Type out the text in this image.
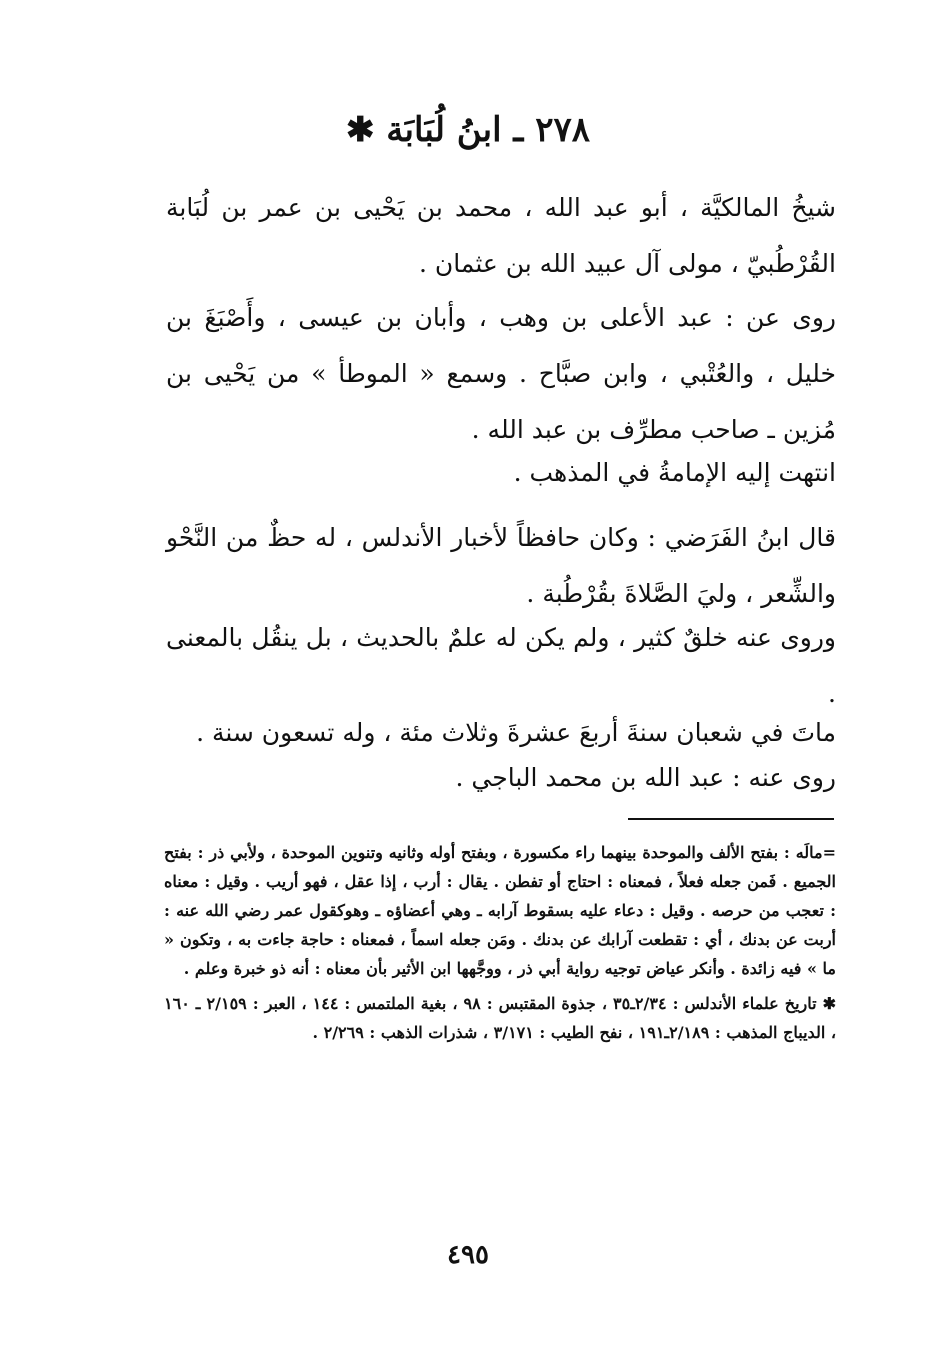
٢٧٨ ـ ابنُ لُبَابَة ✱

شيخُ المالكيَّة ، أبو عبد الله ، محمد بن يَحْيى بن عمر بن لُبَابة القُرْطُبيّ ، مولى آل عبيد الله بن عثمان .

روى عن : عبد الأعلى بن وهب ، وأبان بن عيسى ، وأَصْبَغَ بن خليل ، والعُتْبي ، وابن صبَّاح . وسمع « الموطأ » من يَحْيى بن مُزين ـ صاحب مطرِّف بن عبد الله .

انتهت إليه الإمامةُ في المذهب .

قال ابنُ الفَرَضي : وكان حافظاً لأخبار الأندلس ، له حظٌ من النَّحْو والشِّعر ، وليَ الصَّلاةَ بقُرْطُبة .

وروى عنه خلقٌ كثير ، ولم يكن له علمٌ بالحديث ، بل ينقُل بالمعنى .

ماتَ في شعبان سنةَ أربعَ عشرةَ وثلاث مئة ، وله تسعون سنة .

روى عنه : عبد الله بن محمد الباجي .

=مالَه : بفتح الألف والموحدة بينهما راء مكسورة ، وبفتح أوله وثانيه وتنوين الموحدة ، ولأبي ذر : بفتح الجميع . فَمن جعله فعلاً ، فمعناه : احتاج أو تفطن . يقال : أرب ، إذا عقل ، فهو أريب . وقيل : معناه : تعجب من حرصه . وقيل : دعاء عليه بسقوط آرابه ـ وهي أعضاؤه ـ وهوكقول عمر رضي الله عنه : أربت عن بدنك ، أي : تقطعت آرابك عن بدنك . ومَن جعله اسماً ، فمعناه : حاجة جاءت به ، وتكون « ما » فيه زائدة . وأنكر عياض توجيه رواية أبي ذر ، ووجَّهها ابن الأثير بأن معناه : أنه ذو خبرة وعلم .

✱ تاريخ علماء الأندلس : ٢/٣٤ـ٣٥ ، جذوة المقتبس : ٩٨ ، بغية الملتمس : ١٤٤ ، العبر : ٢/١٥٩ ـ ١٦٠ ، الديباج المذهب : ٢/١٨٩ـ١٩١ ، نفح الطيب : ٣/١٧١ ، شذرات الذهب : ٢/٢٦٩ .

٤٩٥
